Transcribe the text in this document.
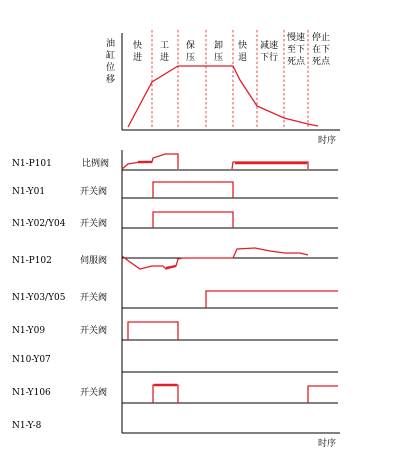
油
缸
位
移
时序
快
进
工
进
保
压
卸
压
快
退
减速
下行
慢速
至下
死点
停止
在下
死点
时序
N1-P101	比例阀
N1-Y01	开关阀
N1-Y02/Y04 开关阀
N1-P102	伺服阀
N1-Y03/Y05 开关阀
N1-Y09	开关阀
N10-Y07
N1-Y106	开关阀
N1-Y-8
